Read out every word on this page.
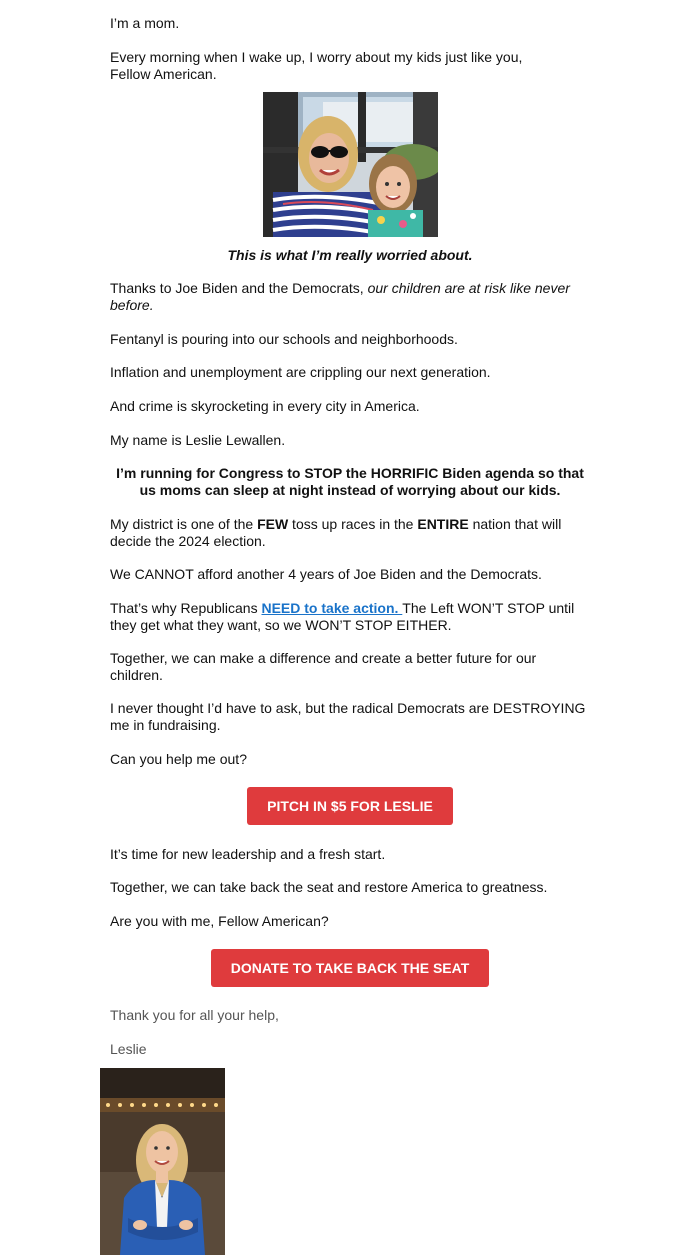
I’m a mom.

Every morning when I wake up, I worry about my kids just like you,
Fellow American.

This is what I’m really worried about.

Thanks to Joe Biden and the Democrats, our children are at risk like never before.

Fentanyl is pouring into our schools and neighborhoods.

Inflation and unemployment are crippling our next generation.

And crime is skyrocketing in every city in America.

My name is Leslie Lewallen.

I’m running for Congress to STOP the HORRIFIC Biden agenda so that us moms can sleep at night instead of worrying about our kids.

My district is one of the FEW toss up races in the ENTIRE nation that will decide the 2024 election.

We CANNOT afford another 4 years of Joe Biden and the Democrats.

That’s why Republicans NEED to take action. The Left WON’T STOP until they get what they want, so we WON’T STOP EITHER.

Together, we can make a difference and create a better future for our children.

I never thought I’d have to ask, but the radical Democrats are DESTROYING me in fundraising.

Can you help me out?

PITCH IN $5 FOR LESLIE

It’s time for new leadership and a fresh start.

Together, we can take back the seat and restore America to greatness.

Are you with me, Fellow American?

DONATE TO TAKE BACK THE SEAT

Thank you for all your help,

Leslie
